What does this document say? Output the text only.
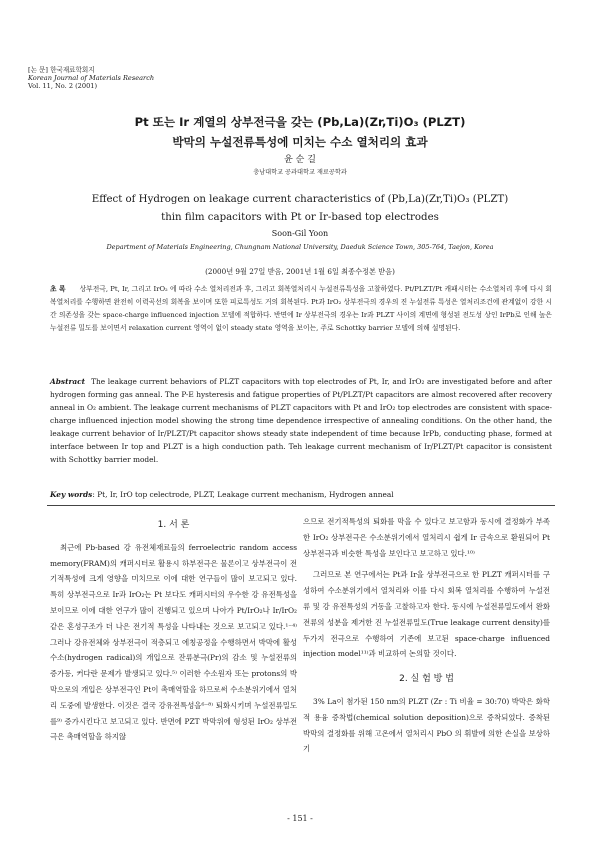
[논 문] 한국재료학회지
Korean Journal of Materials Research
Vol. 11, No. 2 (2001)
Pt 또는 Ir 계열의 상부전극을 갖는 (Pb,La)(Zr,Ti)O₃ (PLZT)
박막의 누설전류특성에 미치는 수소 열처리의 효과
윤 순 길
충남대학교 공과대학교 재료공학과
Effect of Hydrogen on leakage current characteristics of (Pb,La)(Zr,Ti)O₃ (PLZT)
thin film capacitors with Pt or Ir-based top electrodes
Soon-Gil Yoon
Department of Materials Engineering, Chungnam National University, Daeduk Science Town, 305-764, Taejon, Korea
(2000년 9월 27일 받음, 2001년 1월 6일 최종수정본 받음)
초 록 상부전극, Pt, Ir, 그리고 IrO₂ 에 따라 수소 열처리전과 후, 그리고 회복열처리시 누설전류특성을 고찰하였다. Pt/PLZT/Pt 캐패시터는 수소열처리 후에 다시 회복열처리를 수행하면 완전히 이력곡선의 회복을 보이며 또한 피로특성도 거의 회복된다. Pt과 IrO₂ 상부전극의 경우의 진 누설전류 특성은 열처리조건에 관계없이 강한 시간 의존성을 갖는 space-charge influenced injection 모델에 적합하다. 반면에 Ir 상부전극의 경우는 Ir과 PLZT 사이의 계면에 형성된 전도성 상인 IrPb로 인해 높은 누설전류 밀도를 보이면서 relaxation current 영역이 없이 steady state 영역을 보이는, 주로 Schottky barrier 모델에 의해 설명된다.
Abstract The leakage current behaviors of PLZT capacitors with top electrodes of Pt, Ir, and IrO₂ are investigated before and after hydrogen forming gas anneal. The P-E hysteresis and fatigue properties of Pt/PLZT/Pt capacitors are almost recovered after recovery anneal in O₂ ambient. The leakage current mechanisms of PLZT capacitors with Pt and IrO₂ top electrodes are consistent with space-charge influenced injection model showing the strong time dependence irrespective of annealing conditions. On the other hand, the leakage current behavior of Ir/PLZT/Pt capacitor shows steady state independent of time because IrPb, conducting phase, formed at interface between Ir top and PLZT is a high conduction path. Teh leakage current mechanism of Ir/PLZT/Pt capacitor is consistent with Schottky barrier model.
Key words: Pt, Ir, IrO top celectrode, PLZT, Leakage current mechanism, Hydrogen anneal
1. 서 론

최근에 Pb-based 강 유전체재료들의 ferroelectric random access memory(FRAM)의 캐퍼시터로 활용시 하부전극은 물론이고 상부전극이 전기적특성에 크게 영향을 미치므로 이에 대한 연구들이 많이 보고되고 있다. 특히 상부전극으로 Ir과 IrO₂는 Pt 보다도 캐퍼시터의 우수한 강 유전특성을 보이므로 이에 대한 연구가 많이 진행되고 있으며 나아가 Pt/IrO₂나 Ir/IrO₂ 같은 혼성구조가 더 나은 전기적 특성을 나타내는 것으로 보고되고 있다.¹⁻⁴⁾ 그러나 강유전체와 상부전극이 적층되고 에칭공정을 수행하면서 박막에 활성수소(hydrogen radical)의 개입으로 잔류분극(Pr)의 감소 및 누설전류의 증가등, 커다란 문제가 발생되고 있다.⁵⁾ 이러한 수소원자 또는 protons의 박막으로의 개입은 상부전극인 Pt이 촉매역할을 하므로써 수소분위기에서 열처리 도중에 발생한다. 이것은 결국 강유전특성을⁶⁻⁸⁾ 퇴화시키며 누설전류밀도를⁹⁾ 증가시킨다고 보고되고 있다. 반면에 PZT 박막위에 형성된 IrO₂ 상부전극은 촉매역할을 하지않

으므로 전기적특성의 퇴화를 막을 수 있다고 보고함과 동시에 결정화가 부족한 IrO₂ 상부전극은 수소분위기에서 열처리시 쉽게 Ir 금속으로 환원되어 Pt 상부전극과 비슷한 특성을 보인다고 보고하고 있다.¹⁰⁾

그러므로 본 연구에서는 Pt과 Ir을 상부전극으로 한 PLZT 캐퍼시터를 구성하여 수소분위기에서 열처리와 이를 다시 회복 열처리를 수행하여 누설전류 및 강 유전특성의 거동을 고찰하고자 한다. 동시에 누설전류밀도에서 완화전류의 성분을 제거한 진 누설전류밀도(True leakage current density)를 두가지 전극으로 수행하여 기존에 보고된 space-charge influenced injection model¹¹⁾과 비교하여 논의할 것이다.

2. 실 험 방 법

3% La이 첨가된 150 nm의 PLZT (Zr : Ti 비율 = 30:70) 박막은 화학적 용융 증착법(chemical solution deposition)으로 증착되었다. 증착된 박막의 결정화를 위해 고온에서 열처리시 PbO 의 휘발에 의한 손실을 보상하기

- 151 -
